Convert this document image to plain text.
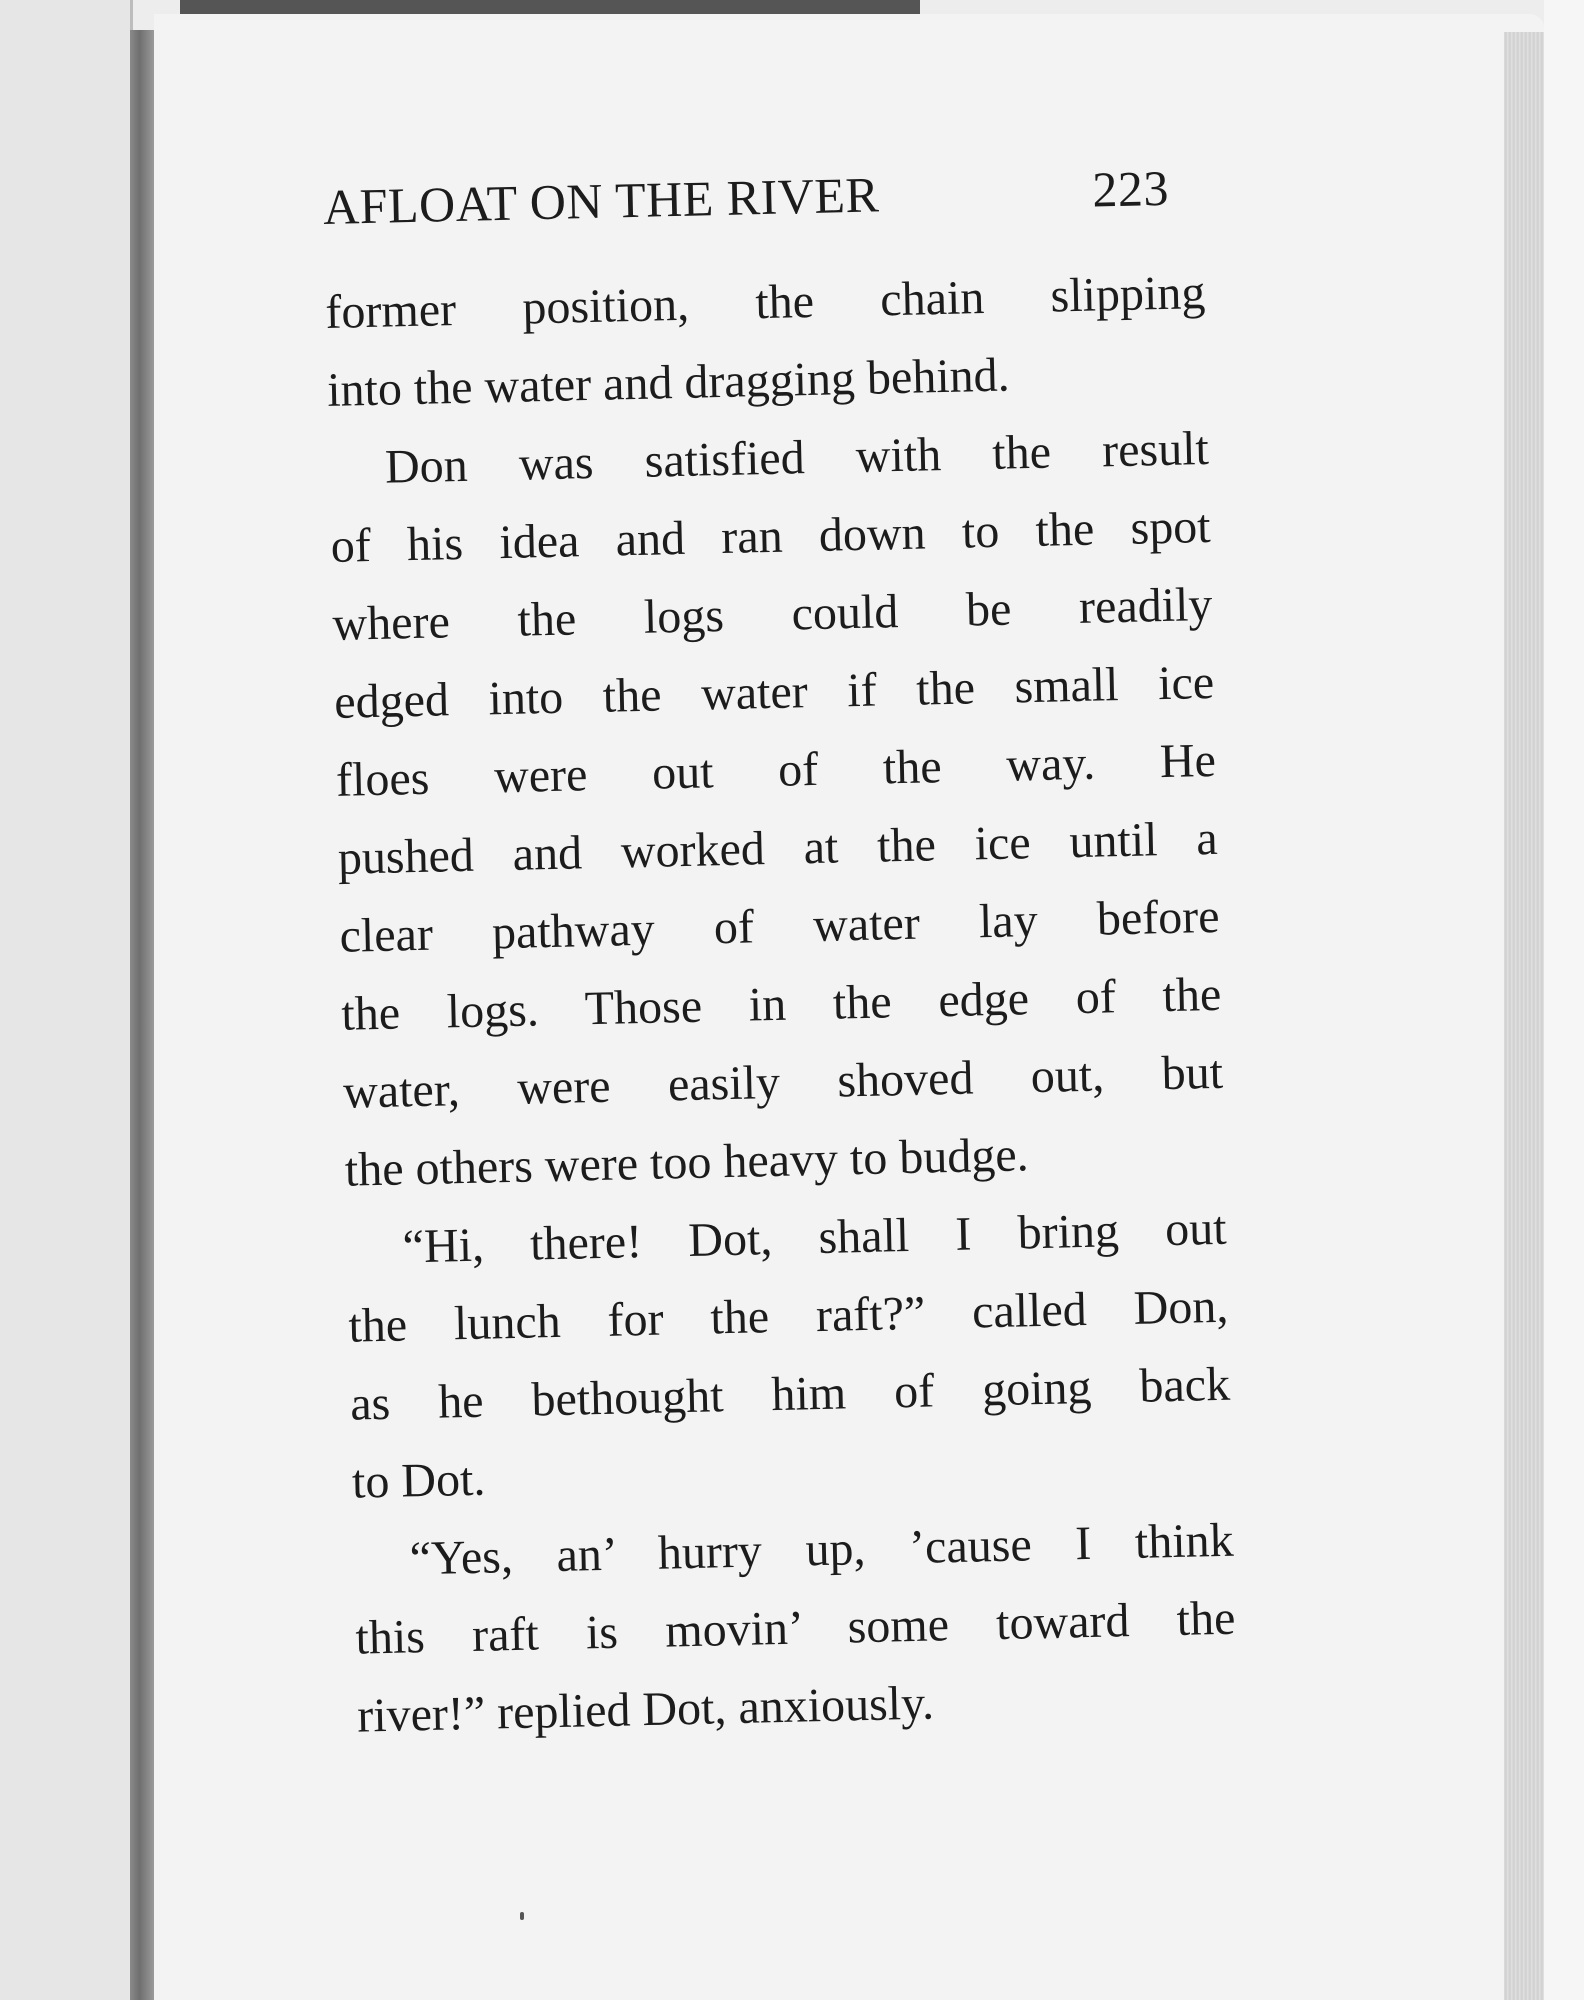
AFLOAT ON THE RIVER	223

former position, the chain slipping
into the water and dragging behind.

Don was satisfied with the result
of his idea and ran down to the spot
where the logs could be readily
edged into the water if the small ice
floes were out of the way. He
pushed and worked at the ice until a
clear pathway of water lay before
the logs. Those in the edge of the
water, were easily shoved out, but
the others were too heavy to budge.

“Hi, there! Dot, shall I bring out
the lunch for the raft?” called Don,
as he bethought him of going back
to Dot.

“Yes, an’ hurry up, ’cause I think
this raft is movin’ some toward the
river!” replied Dot, anxiously.
